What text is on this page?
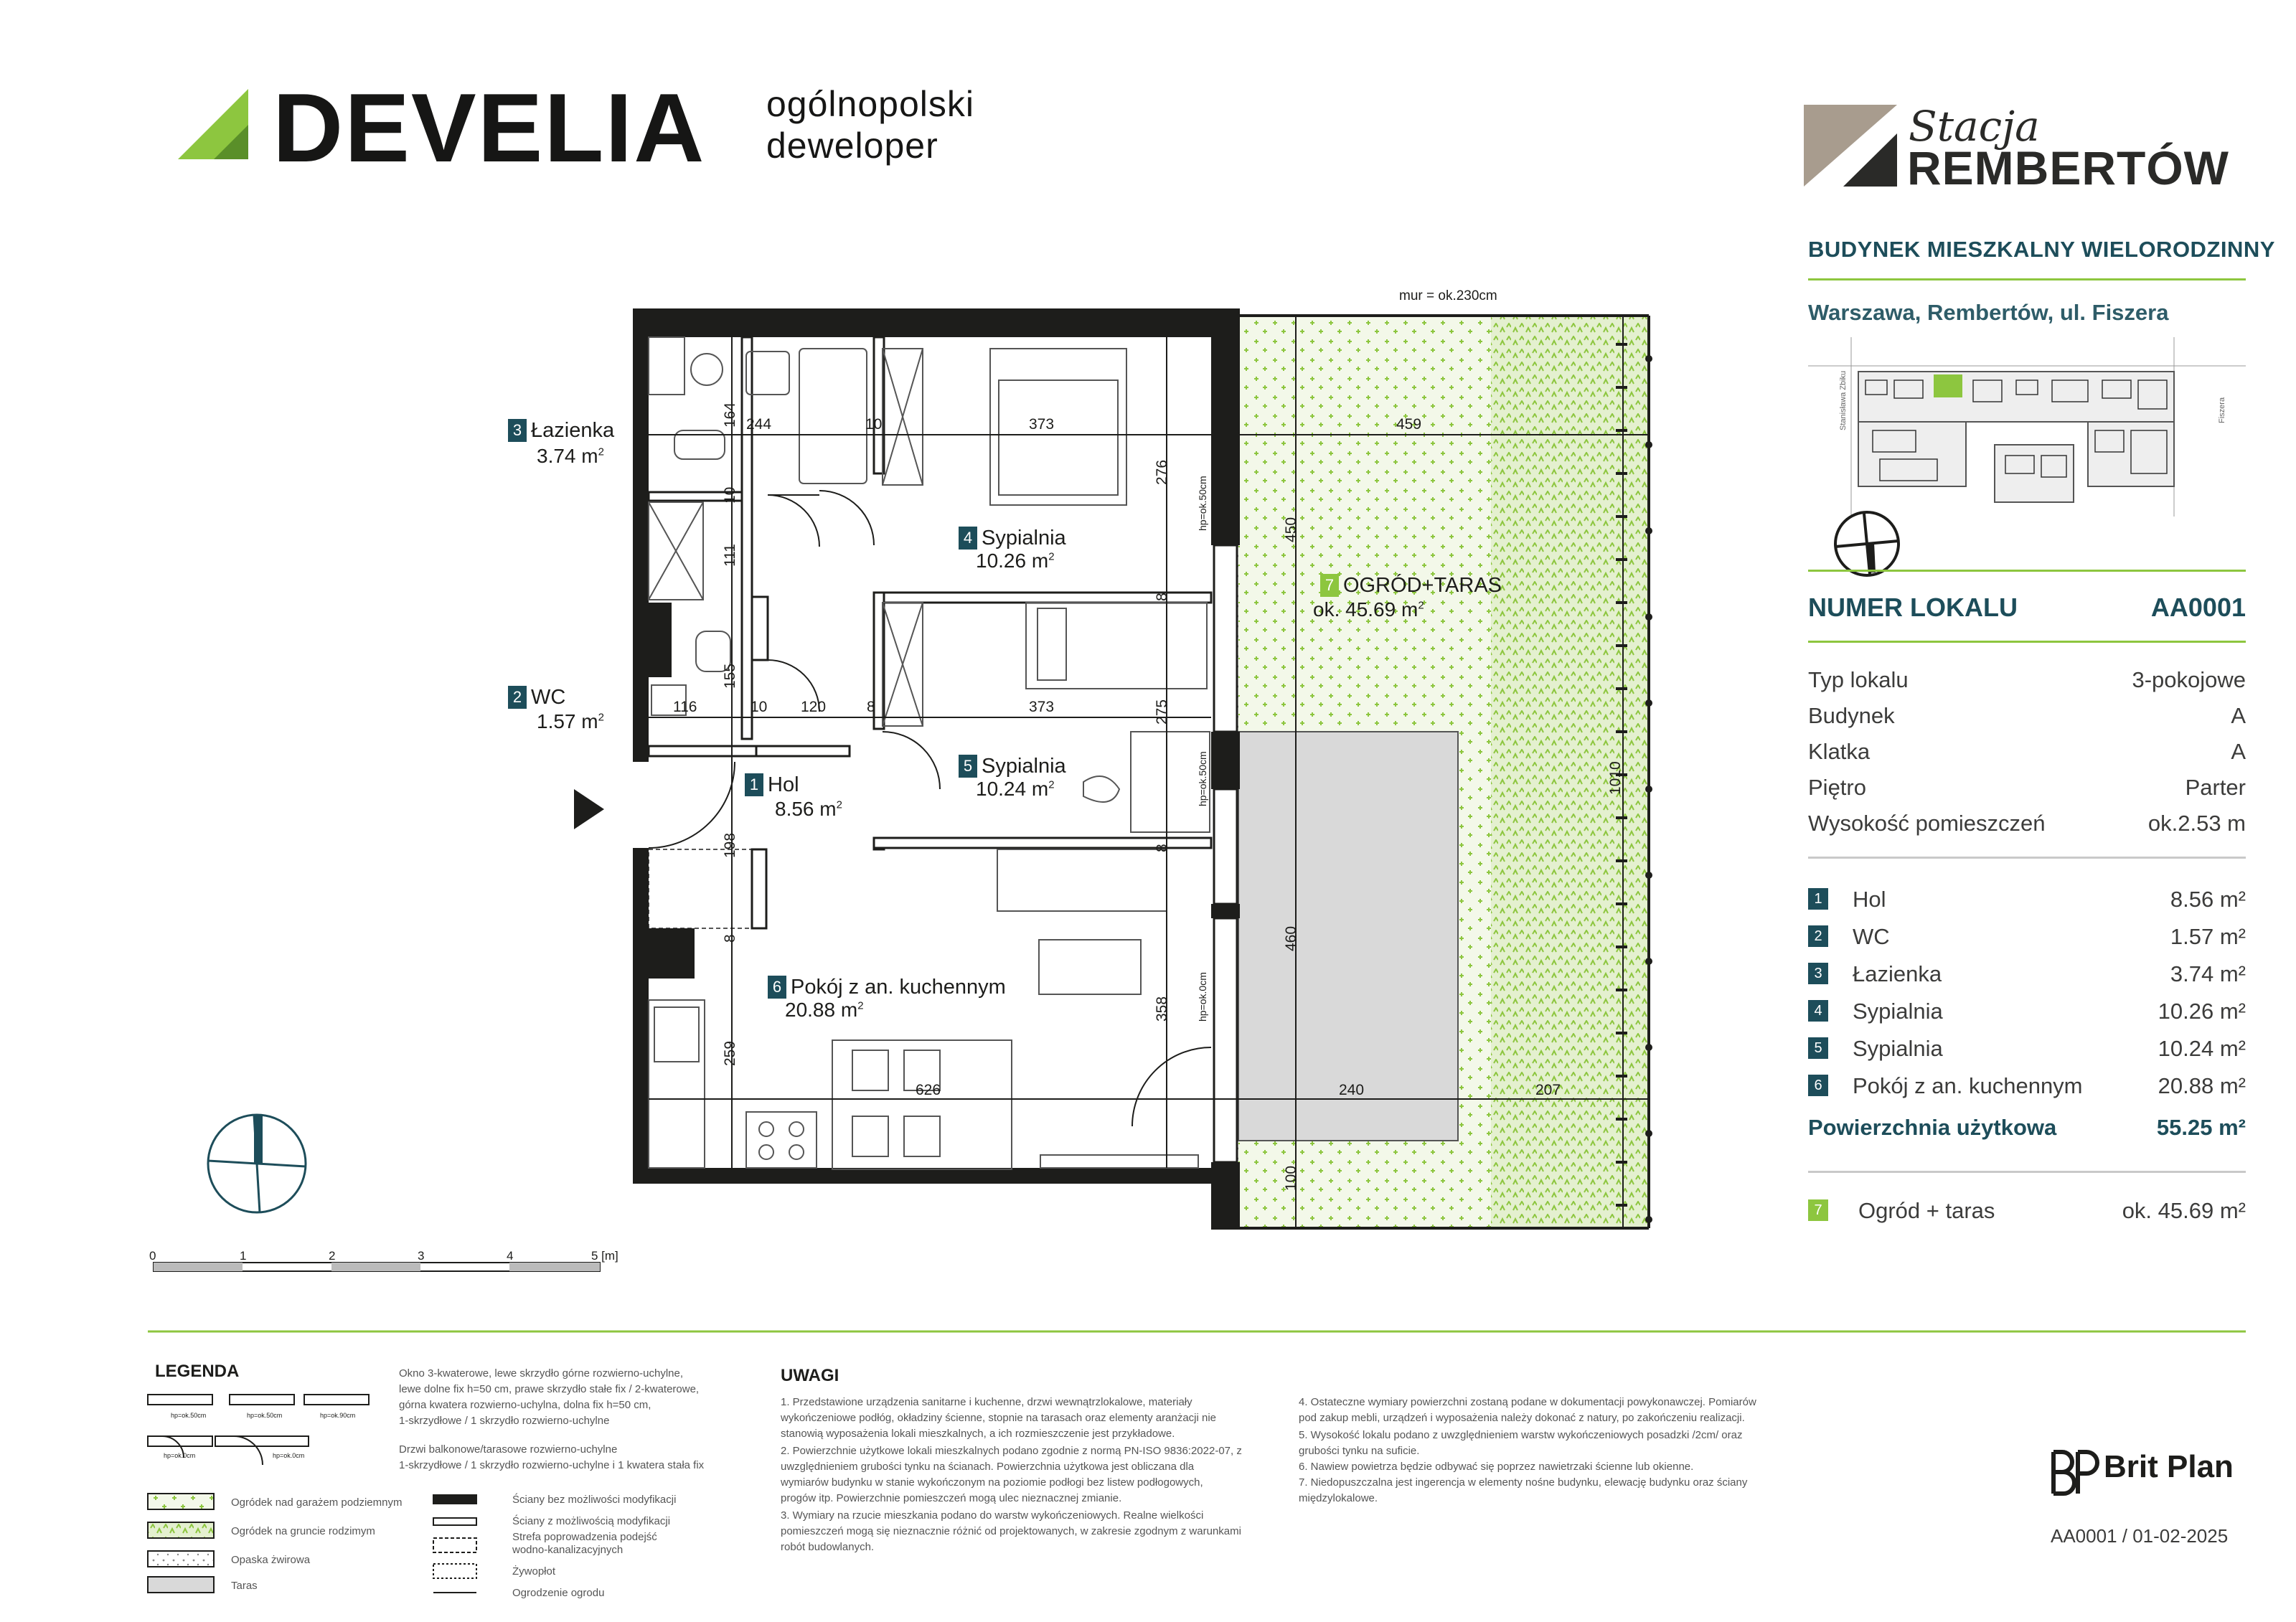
DEVELIA ogólnopolski
deweloper	Stacja
REMBERTÓW
BUDYNEK MIESZKALNY WIELORODZINNY
Warszawa, Rembertów, ul. Fiszera
Stanisława Zbiku	Fiszera
NUMER LOKALU	AA0001
Typ lokalu	3-pokojowe
Budynek	A
Klatka	A
Piętro	Parter
Wysokość pomieszczeń	ok.2.53 m
1 Hol	8.56 m²
2 WC	1.57 m²
3 Łazienka	3.74 m²
4 Sypialnia	10.26 m²
5 Sypialnia	10.24 m²
6 Pokój z an. kuchennym	20.88 m²
Powierzchnia użytkowa	55.25 m²
7 Ogród + taras	ok. 45.69 m²
mur = ok.230cm
3 Łazienka
3.74 $m^2$
2 WC
1.57 $m^2$
1 Hol
8.56 $m^2$
4 Sypialnia
10.26 $m^2$
5 Sypialnia
10.24 $m^2$
6 Pokój z an. kuchennym
20.88 $m^2$
7 OGRÓD+TARAS
ok. 45.69 $m^2$
244	10	373	459
116	10 120	8	373
626	240	207
164
10
111
155
198
8
259
276
8
275
8
358
450
460
100
1010
hp=ok.50cm
hp=ok.50cm
hp=ok.0cm
0	1	2	3	4	5 [m]
LEGENDA
hp=ok.50cm	hp=ok.50cm	hp=ok.90cm
hp=ok.0cm	hp=ok.0cm
Okno 3-kwaterowe, lewe skrzydło górne rozwierno-uchylne,
lewe dolne fix h=50 cm, prawe skrzydło stałe fix / 2-kwaterowe,
górna kwatera rozwierno-uchylna, dolna fix h=50 cm,
1-skrzydłowe / 1 skrzydło rozwierno-uchylne
Drzwi balkonowe/tarasowe rozwierno-uchylne
1-skrzydłowe / 1 skrzydło rozwierno-uchylne i 1 kwatera stała fix
Ogródek nad garażem podziemnym
Ogródek na gruncie rodzimym
Opaska żwirowa
Taras
Ściany bez możliwości modyfikacji
Ściany z możliwością modyfikacji
Strefa poprowadzenia podejść
wodno-kanalizacyjnych
Żywopłot
Ogrodzenie ogrodu
UWAGI
1. Przedstawione urządzenia sanitarne i kuchenne, drzwi wewnątrzlokalowe, materiały
wykończeniowe podłóg, okładziny ścienne, stopnie na tarasach oraz elementy aranżacji nie
stanowią wyposażenia lokali mieszkalnych, a ich rozmieszczenie jest przykładowe.
2. Powierzchnie użytkowe lokali mieszkalnych podano zgodnie z normą PN-ISO 9836:2022-07, z
uwzględnieniem grubości tynku na ścianach. Powierzchnia użytkowa jest obliczana dla
wymiarów budynku w stanie wykończonym na poziomie podłogi bez listew podłogowych,
progów itp. Powierzchnie pomieszczeń mogą ulec nieznacznej zmianie.
3. Wymiary na rzucie mieszkania podano do warstw wykończeniowych. Realne wielkości
pomieszczeń mogą się nieznacznie różnić od projektowanych, w zakresie zgodnym z warunkami
robót budowlanych.
4. Ostateczne wymiary powierzchni zostaną podane w dokumentacji powykonawczej. Pomiarów
pod zakup mebli, urządzeń i wyposażenia należy dokonać z natury, po zakończeniu realizacji.
5. Wysokość lokalu podano z uwzględnieniem warstw wykończeniowych posadzki /2cm/ oraz
grubości tynku na suficie.
6. Nawiew powietrza będzie odbywać się poprzez nawietrzaki ścienne lub okienne.
7. Niedopuszczalna jest ingerencja w elementy nośne budynku, elewację budynku oraz ściany
międzylokalowe.
Brit Plan
AA0001 / 01-02-2025
